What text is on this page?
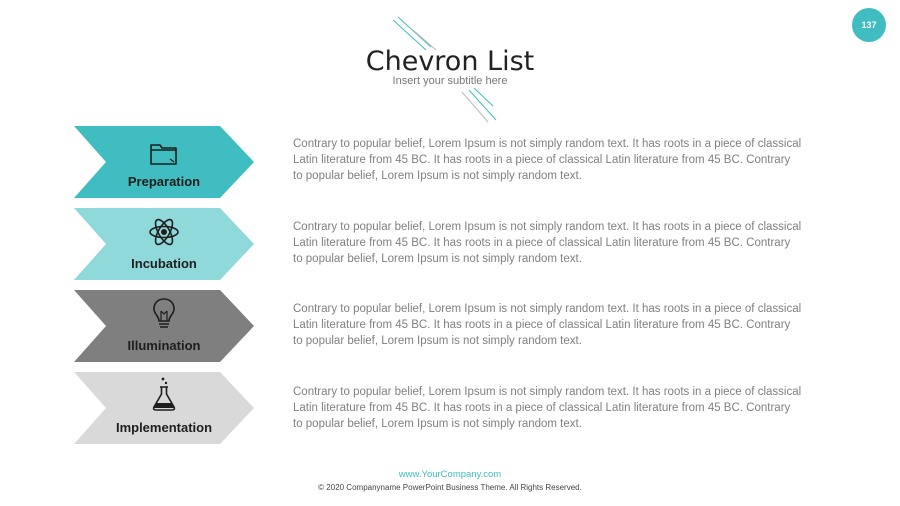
137
Chevron List
Insert your subtitle here
Preparation
Contrary to popular belief, Lorem Ipsum is not simply random text. It has roots in a piece of classical Latin literature from 45 BC. It has roots in a piece of classical Latin literature from 45 BC. Contrary to popular belief, Lorem Ipsum is not simply random text.
Incubation
Contrary to popular belief, Lorem Ipsum is not simply random text. It has roots in a piece of classical Latin literature from 45 BC. It has roots in a piece of classical Latin literature from 45 BC. Contrary to popular belief, Lorem Ipsum is not simply random text.
Illumination
Contrary to popular belief, Lorem Ipsum is not simply random text. It has roots in a piece of classical Latin literature from 45 BC. It has roots in a piece of classical Latin literature from 45 BC. Contrary to popular belief, Lorem Ipsum is not simply random text.
Implementation
Contrary to popular belief, Lorem Ipsum is not simply random text. It has roots in a piece of classical Latin literature from 45 BC. It has roots in a piece of classical Latin literature from 45 BC. Contrary to popular belief, Lorem Ipsum is not simply random text.
www.YourCompany.com
© 2020 Companyname PowerPoint Business Theme. All Rights Reserved.
